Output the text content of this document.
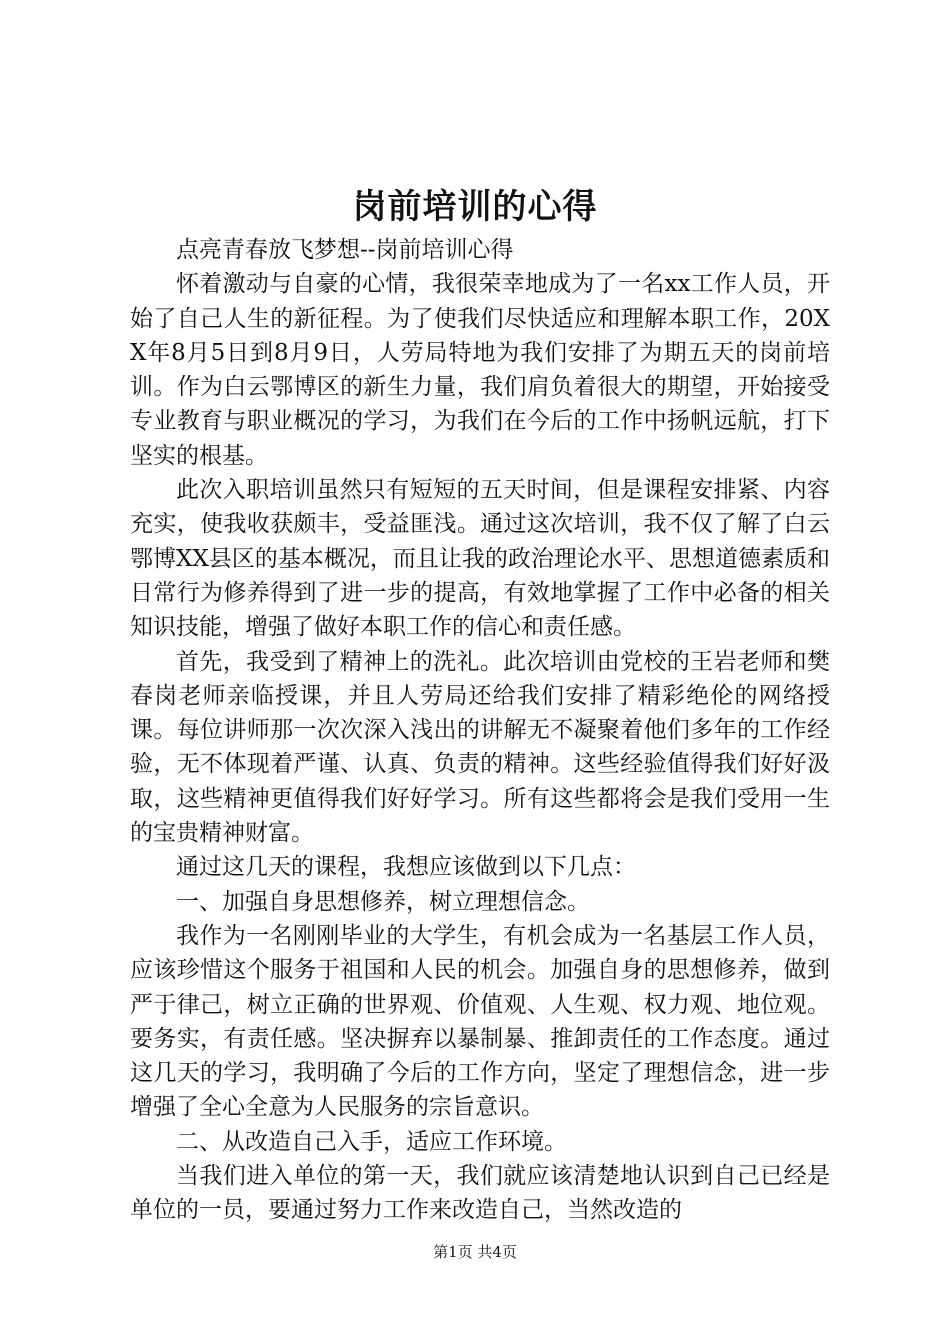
岗前培训的心得

点亮青春放飞梦想--岗前培训心得

怀着激动与自豪的心情，我很荣幸地成为了一名xx工作人员，开始了自己人生的新征程。为了使我们尽快适应和理解本职工作，20XX年8月5日到8月9日，人劳局特地为我们安排了为期五天的岗前培训。作为白云鄂博区的新生力量，我们肩负着很大的期望，开始接受专业教育与职业概况的学习，为我们在今后的工作中扬帆远航，打下坚实的根基。

此次入职培训虽然只有短短的五天时间，但是课程安排紧、内容充实，使我收获颇丰，受益匪浅。通过这次培训，我不仅了解了白云鄂博XX县区的基本概况，而且让我的政治理论水平、思想道德素质和日常行为修养得到了进一步的提高，有效地掌握了工作中必备的相关知识技能，增强了做好本职工作的信心和责任感。

首先，我受到了精神上的洗礼。此次培训由党校的王岩老师和樊春岗老师亲临授课，并且人劳局还给我们安排了精彩绝伦的网络授课。每位讲师那一次次深入浅出的讲解无不凝聚着他们多年的工作经验，无不体现着严谨、认真、负责的精神。这些经验值得我们好好汲取，这些精神更值得我们好好学习。所有这些都将会是我们受用一生的宝贵精神财富。

通过这几天的课程，我想应该做到以下几点：

一、加强自身思想修养，树立理想信念。

我作为一名刚刚毕业的大学生，有机会成为一名基层工作人员，应该珍惜这个服务于祖国和人民的机会。加强自身的思想修养，做到严于律己，树立正确的世界观、价值观、人生观、权力观、地位观。要务实，有责任感。坚决摒弃以暴制暴、推卸责任的工作态度。通过这几天的学习，我明确了今后的工作方向，坚定了理想信念，进一步增强了全心全意为人民服务的宗旨意识。

二、从改造自己入手，适应工作环境。

当我们进入单位的第一天，我们就应该清楚地认识到自己已经是单位的一员，要通过努力工作来改造自己，当然改造的

第1页 共4页
